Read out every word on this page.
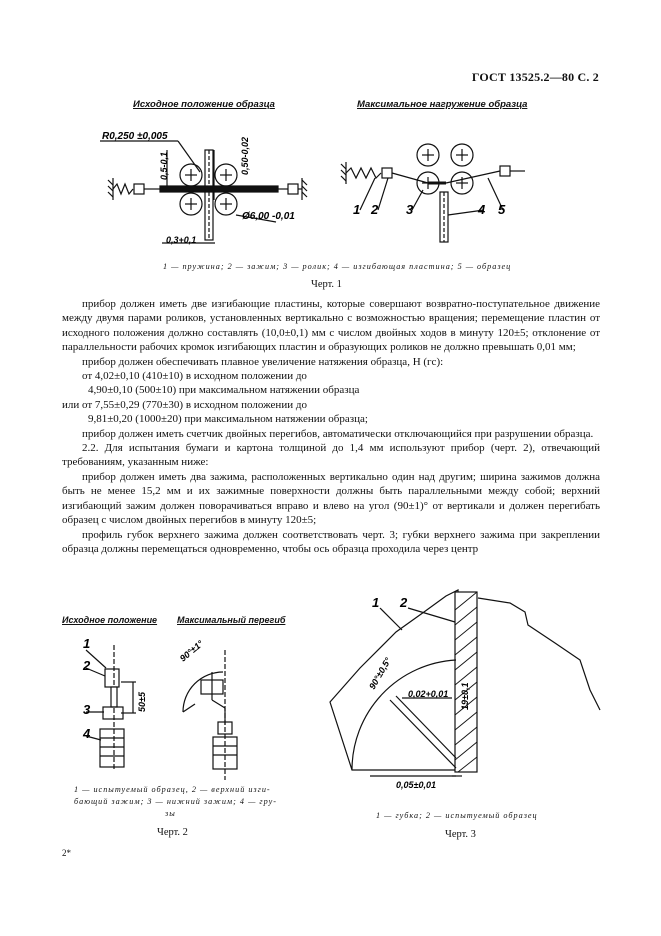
ГОСТ 13525.2—80 С. 2
Исходное положение образца	Максимальное нагружение образца
R0,250 ±0,005
0,5-0,1	0,50-0,02
0,3+0,1
Ø6,00 -0,01	1 2 3	4 5
1 — пружина; 2 — зажим; 3 — ролик; 4 — изгибающая пластина; 5 — образец
Черт. 1

прибор должен иметь две изгибающие пластины, которые совершают возвратно-поступательное движение между двумя парами роликов, установленных вертикально с возможностью вращения; перемещение пластин от исходного положения должно составлять (10,0±0,1) мм с числом двойных ходов в минуту 120±5; отклонение от параллельности рабочих кромок изгибающих пластин и образующих роликов не должно превышать 0,01 мм;

прибор должен обеспечивать плавное увеличение натяжения образца, Н (гс):

от 4,02±0,10 (410±10) в исходном положении до

4,90±0,10 (500±10) при максимальном натяжении образца

или от 7,55±0,29 (770±30) в исходном положении до

9,81±0,20 (1000±20) при максимальном натяжении образца;

прибор должен иметь счетчик двойных перегибов, автоматически отключающийся при разрушении образца.

2.2. Для испытания бумаги и картона толщиной до 1,4 мм используют прибор (черт. 2), отвечающий требованиям, указанным ниже:

прибор должен иметь два зажима, расположенных вертикально один над другим; ширина зажимов должна быть не менее 15,2 мм и их зажимные поверхности должны быть параллельными между собой; верхний изгибающий зажим должен поворачиваться вправо и влево на угол (90±1)° от вертикали и должен перегибать образец с числом двойных перегибов в минуту 120±5;

профиль губок верхнего зажима должен соответствовать черт. 3; губки верхнего зажима при закреплении образца должны перемещаться одновременно, чтобы ось образца проходила через центр

Исходное положение Максимальный перегиб
1
2
3
4
50±5
90°±1°
1 — испытуемый образец, 2 — верхний изги-
бающий зажим; 3 — нижний зажим; 4 — гру-
зы
Черт. 2
1 2
90°±0,5°
0,02+0,01 19±0,1
0,05±0,01
1 — губка; 2 — испытуемый образец
Черт. 3
2*
